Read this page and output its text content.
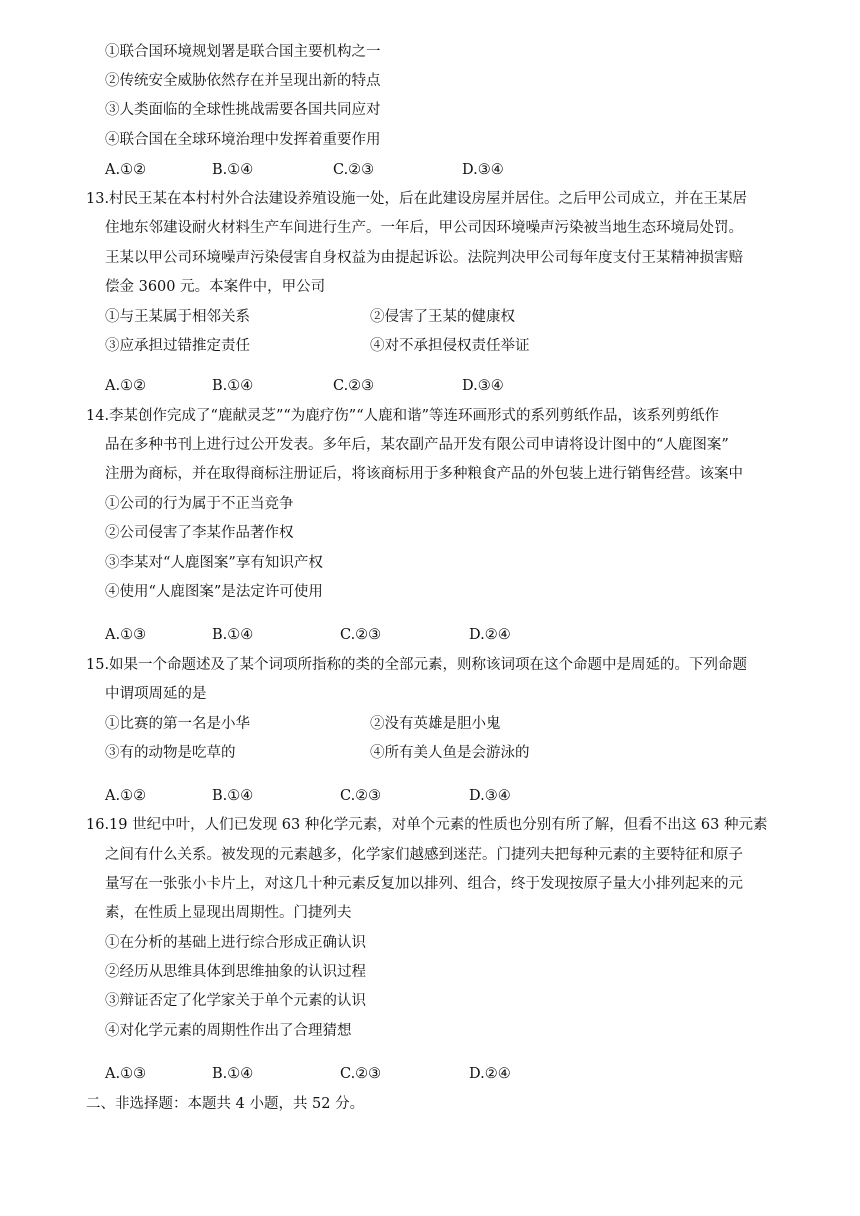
①联合国环境规划署是联合国主要机构之一
②传统安全威胁依然存在并呈现出新的特点
③人类面临的全球性挑战需要各国共同应对
④联合国在全球环境治理中发挥着重要作用
A.①②	B.①④	C.②③	D.③④
13.村民王某在本村村外合法建设养殖设施一处，后在此建设房屋并居住。之后甲公司成立，并在王某居
住地东邻建设耐火材料生产车间进行生产。一年后，甲公司因环境噪声污染被当地生态环境局处罚。
王某以甲公司环境噪声污染侵害自身权益为由提起诉讼。法院判决甲公司每年度支付王某精神损害赔
偿金 3600 元。本案件中，甲公司
①与王某属于相邻关系	②侵害了王某的健康权
③应承担过错推定责任	④对不承担侵权责任举证
A.①②	B.①④	C.②③	D.③④
14.李某创作完成了“鹿献灵芝”“为鹿疗伤”“人鹿和谐”等连环画形式的系列剪纸作品，该系列剪纸作
品在多种书刊上进行过公开发表。多年后，某农副产品开发有限公司申请将设计图中的“人鹿图案”
注册为商标，并在取得商标注册证后，将该商标用于多种粮食产品的外包装上进行销售经营。该案中
①公司的行为属于不正当竞争
②公司侵害了李某作品著作权
③李某对“人鹿图案”享有知识产权
④使用“人鹿图案”是法定许可使用
A.①③	B.①④	C.②③	D.②④
15.如果一个命题述及了某个词项所指称的类的全部元素，则称该词项在这个命题中是周延的。下列命题
中谓项周延的是
①比赛的第一名是小华	②没有英雄是胆小鬼
③有的动物是吃草的	④所有美人鱼是会游泳的
A.①②	B.①④	C.②③	D.③④
16.19 世纪中叶，人们已发现 63 种化学元素，对单个元素的性质也分别有所了解，但看不出这 63 种元素
之间有什么关系。被发现的元素越多，化学家们越感到迷茫。门捷列夫把每种元素的主要特征和原子
量写在一张张小卡片上，对这几十种元素反复加以排列、组合，终于发现按原子量大小排列起来的元
素，在性质上显现出周期性。门捷列夫
①在分析的基础上进行综合形成正确认识
②经历从思维具体到思维抽象的认识过程
③辩证否定了化学家关于单个元素的认识
④对化学元素的周期性作出了合理猜想
A.①③	B.①④	C.②③	D.②④
二、非选择题：本题共 4 小题，共 52 分。
